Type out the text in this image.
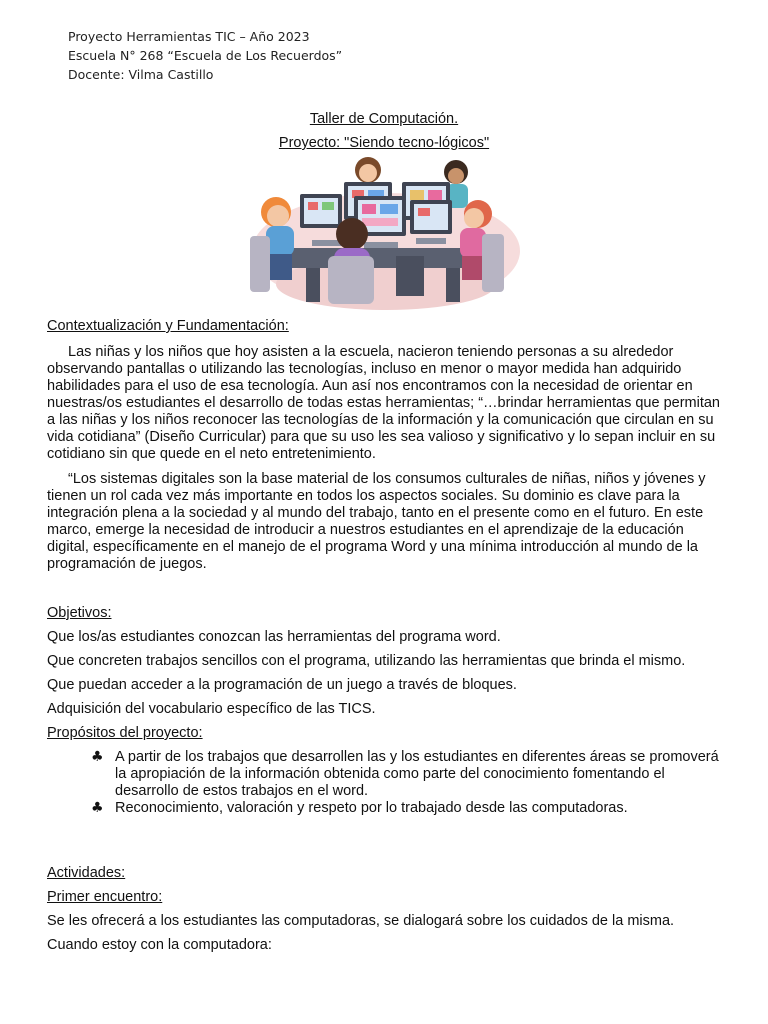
Proyecto Herramientas TIC – Año 2023
Escuela N° 268 “Escuela de Los Recuerdos”
Docente: Vilma Castillo
Taller de Computación.
Proyecto: "Siendo tecno-lógicos"

Contextualización y Fundamentación:

Las niñas y los niños que hoy asisten a la escuela, nacieron teniendo personas a su alrededor observando pantallas o utilizando las tecnologías, incluso en menor o mayor medida han adquirido habilidades para el uso de esa tecnología. Aun así nos encontramos con la necesidad de orientar en nuestras/os estudiantes el desarrollo de todas estas herramientas; “…brindar herramientas que permitan a las niñas y los niños reconocer las tecnologías de la información y la comunicación que circulan en su vida cotidiana” (Diseño Curricular) para que su uso les sea valioso y significativo y lo sepan incluir en su cotidiano sin que quede en el neto entretenimiento.

“Los sistemas digitales son la base material de los consumos culturales de niñas, niños y jóvenes y tienen un rol cada vez más importante en todos los aspectos sociales. Su dominio es clave para la integración plena a la sociedad y al mundo del trabajo, tanto en el presente como en el futuro. En este marco, emerge la necesidad de introducir a nuestros estudiantes en el aprendizaje de la educación digital, específicamente en el manejo de el programa Word y una mínima introducción al mundo de la programación de juegos.

Objetivos:

Que los/as estudiantes conozcan las herramientas del programa word.

Que concreten trabajos sencillos con el programa, utilizando las herramientas que brinda el mismo.

Que puedan acceder a la programación de un juego a través de bloques.

Adquisición del vocabulario específico de las TICS.

Propósitos del proyecto:

♣ A partir de los trabajos que desarrollen las y los estudiantes en diferentes áreas se promoverá la apropiación de la información obtenida como parte del conocimiento fomentando el desarrollo de estos trabajos en el word.
♣ Reconocimiento, valoración y respeto por lo trabajado desde las computadoras.

Actividades:

Primer encuentro:

Se les ofrecerá a los estudiantes las computadoras, se dialogará sobre los cuidados de la misma.

Cuando estoy con la computadora:
